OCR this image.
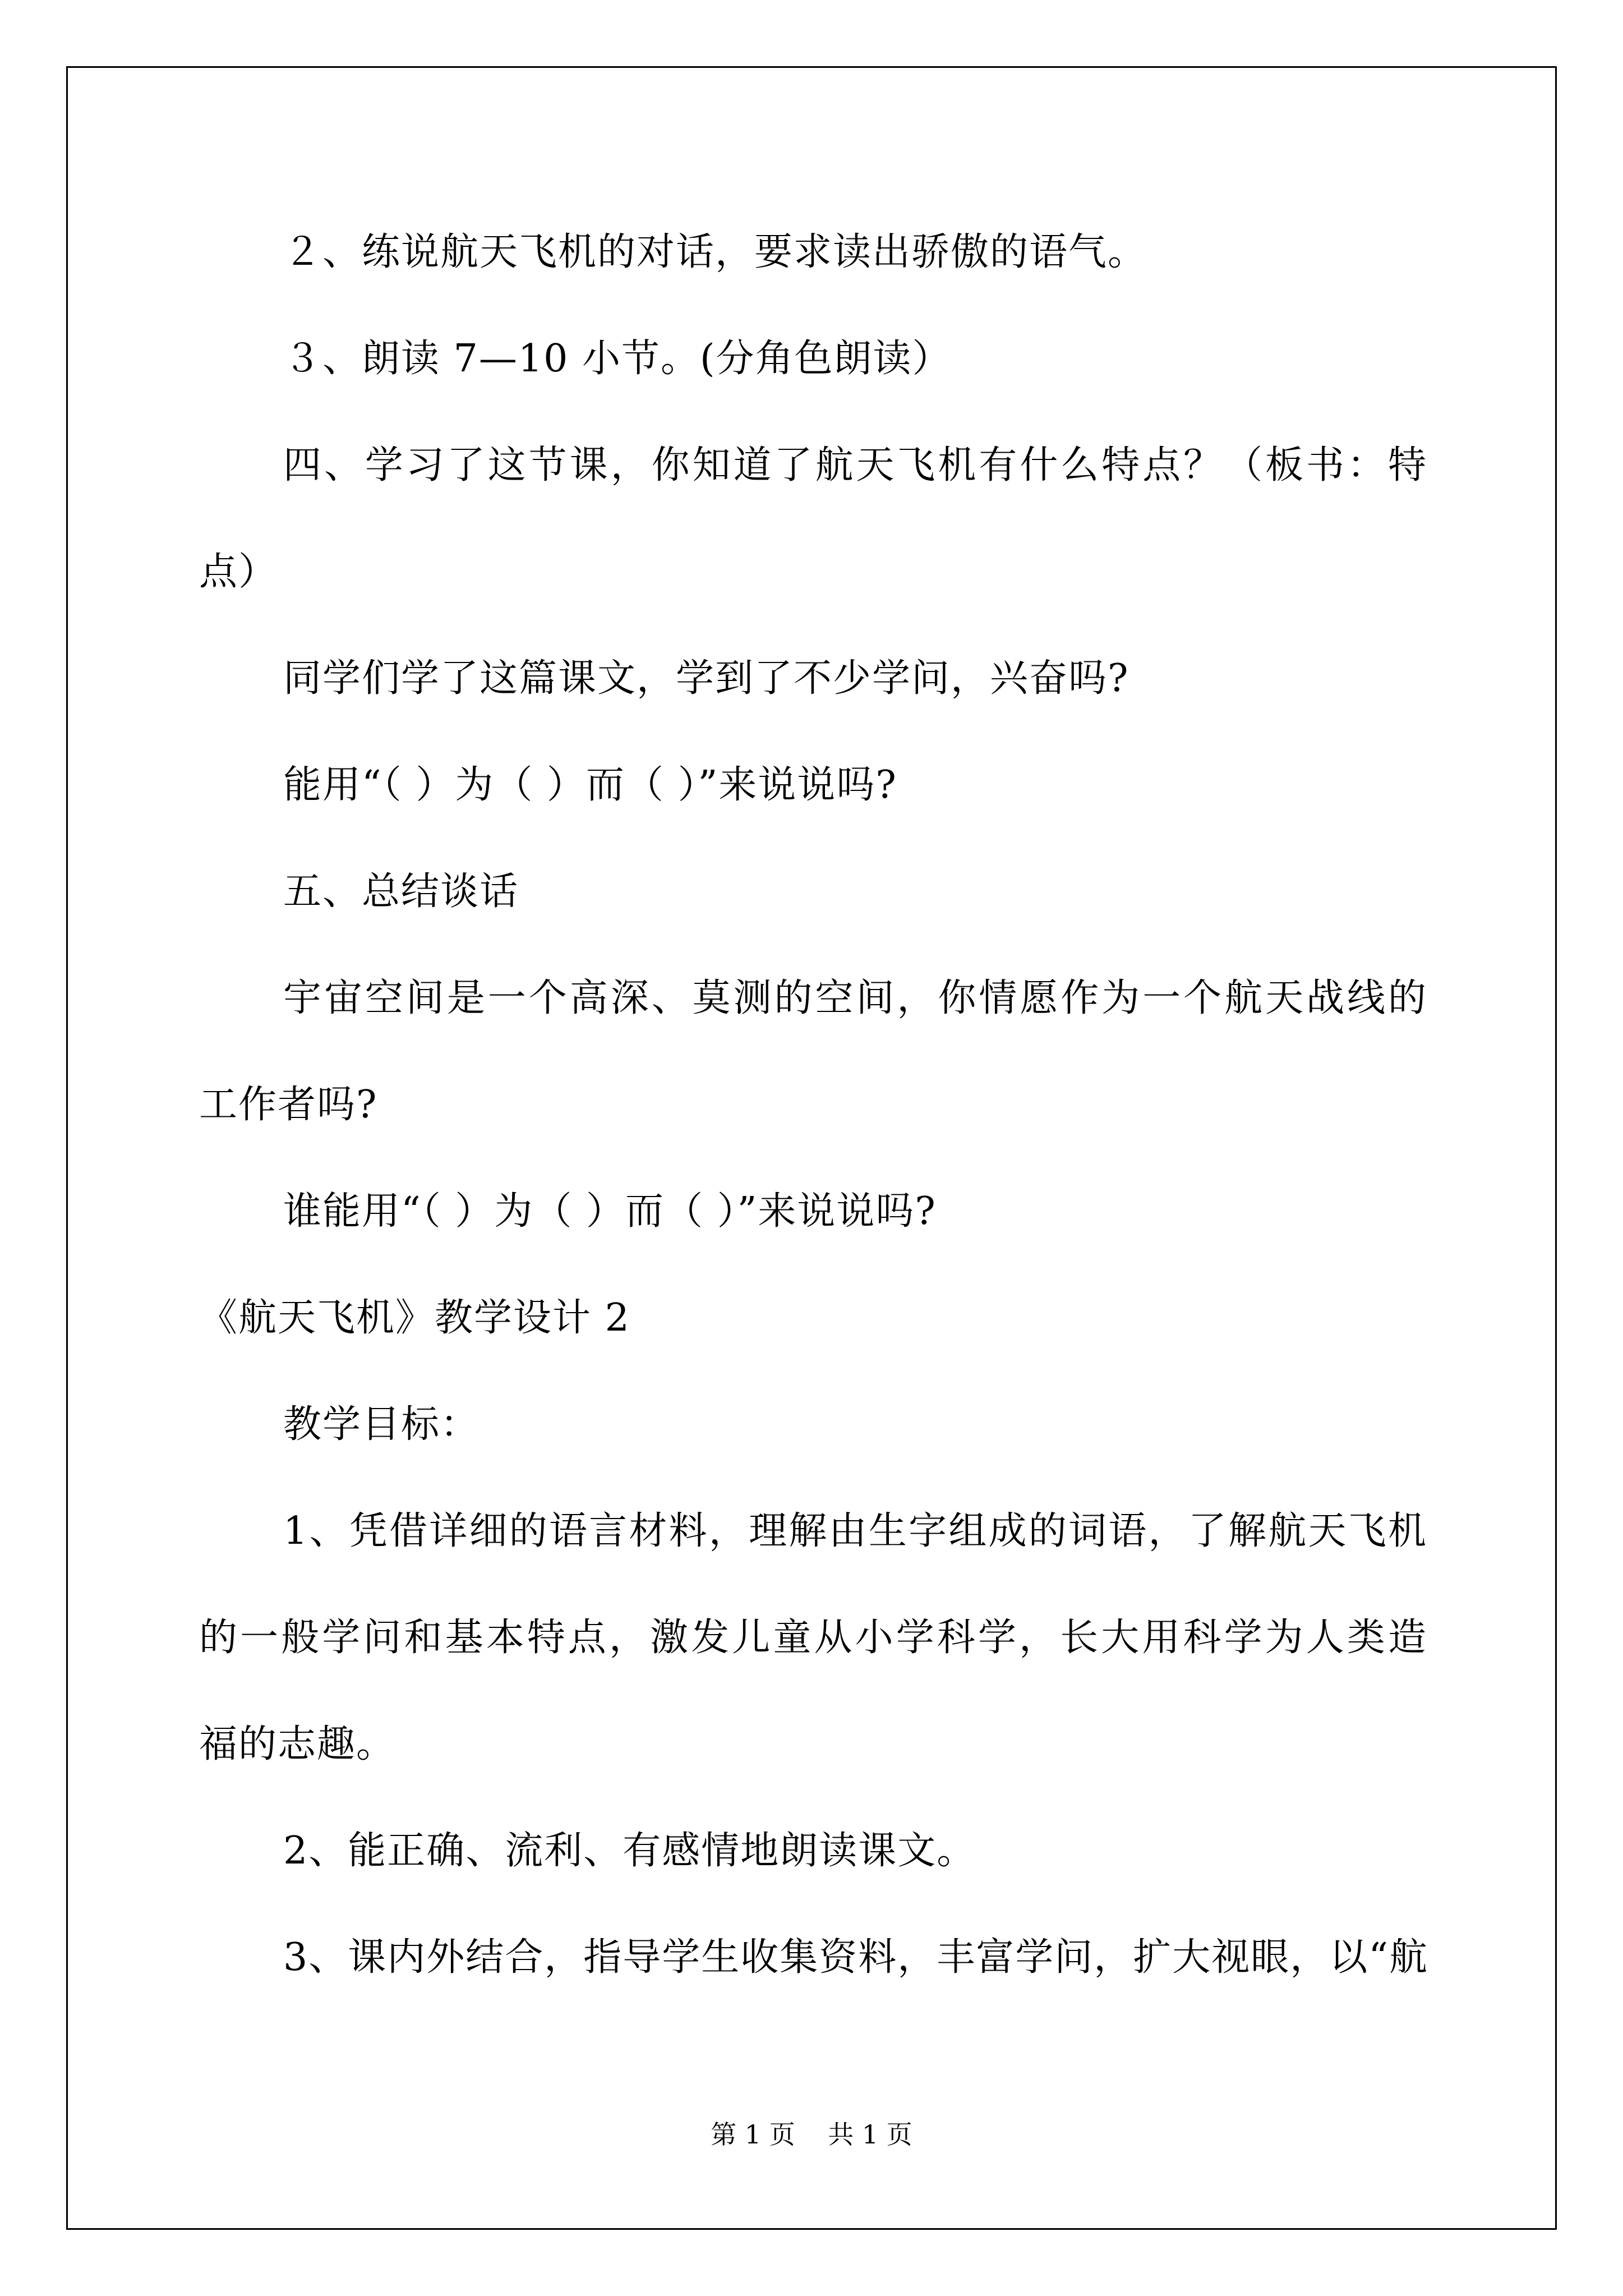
２、练说航天飞机的对话，要求读出骄傲的语气。
３、朗读 7—10 小节。(分角色朗读）
四、学习了这节课，你知道了航天飞机有什么特点？（板书：特
点）
同学们学了这篇课文，学到了不少学问，兴奋吗?
能用“（ ）为（ ）而（ ）”来说说吗?
五、总结谈话
宇宙空间是一个高深、莫测的空间，你情愿作为一个航天战线的
工作者吗?
谁能用“（ ）为（ ）而（ ）”来说说吗?
《航天飞机》教学设计 2
教学目标：
1、凭借详细的语言材料，理解由生字组成的词语，了解航天飞机
的一般学问和基本特点，激发儿童从小学科学，长大用科学为人类造
福的志趣。
2、能正确、流利、有感情地朗读课文。
3、课内外结合，指导学生收集资料，丰富学问，扩大视眼，以“航
第 1 页    共 1 页
